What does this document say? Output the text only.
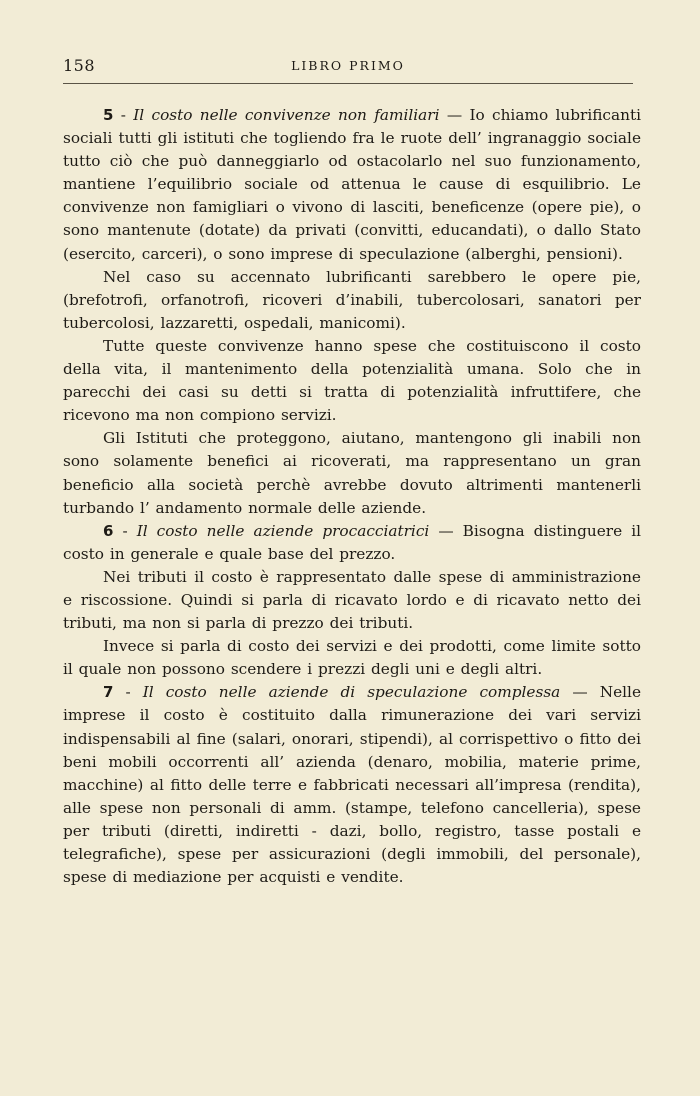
158	LIBRO PRIMO

5 - Il costo nelle convivenze non familiari — Io chiamo lubrificanti sociali tutti gli istituti che togliendo fra le ruote dell’ ingranaggio sociale tutto ciò che può danneggiarlo od ostacolarlo nel suo funzionamento, mantiene l’equilibrio sociale od attenua le cause di esquilibrio. Le convivenze non famigliari o vivono di lasciti, beneficenze (opere pie), o sono mantenute (dotate) da privati (convitti, educandati), o dallo Stato (esercito, carceri), o sono imprese di speculazione (alberghi, pensioni).

Nel caso su accennato lubrificanti sarebbero le opere pie, (brefotrofi, orfanotrofi, ricoveri d’inabili, tubercolosari, sanatori per tubercolosi, lazzaretti, ospedali, manicomi).

Tutte queste convivenze hanno spese che costituiscono il costo della vita, il mantenimento della potenzialità umana. Solo che in parecchi dei casi su detti si tratta di potenzialità infruttifere, che ricevono ma non compiono servizi.

Gli Istituti che proteggono, aiutano, mantengono gli inabili non sono solamente benefici ai ricoverati, ma rappresentano un gran beneficio alla società perchè avrebbe dovuto altrimenti mantenerli turbando l’ andamento normale delle aziende.

6 - Il costo nelle aziende procacciatrici — Bisogna distinguere il costo in generale e quale base del prezzo.

Nei tributi il costo è rappresentato dalle spese di amministrazione e riscossione. Quindi si parla di ricavato lordo e di ricavato netto dei tributi, ma non si parla di prezzo dei tributi.

Invece si parla di costo dei servizi e dei prodotti, come limite sotto il quale non possono scendere i prezzi degli uni e degli altri.

7 - Il costo nelle aziende di speculazione complessa — Nelle imprese il costo è costituito dalla rimunerazione dei vari servizi indispensabili al fine (salari, onorari, stipendi), al corrispettivo o fitto dei beni mobili occorrenti all’ azienda (denaro, mobilia, materie prime, macchine) al fitto delle terre e fabbricati necessari all’impresa (rendita), alle spese non personali di amm. (stampe, telefono cancelleria), spese per tributi (diretti, indiretti - dazi, bollo, registro, tasse postali e telegrafiche), spese per assicurazioni (degli immobili, del personale), spese di mediazione per acquisti e vendite.
